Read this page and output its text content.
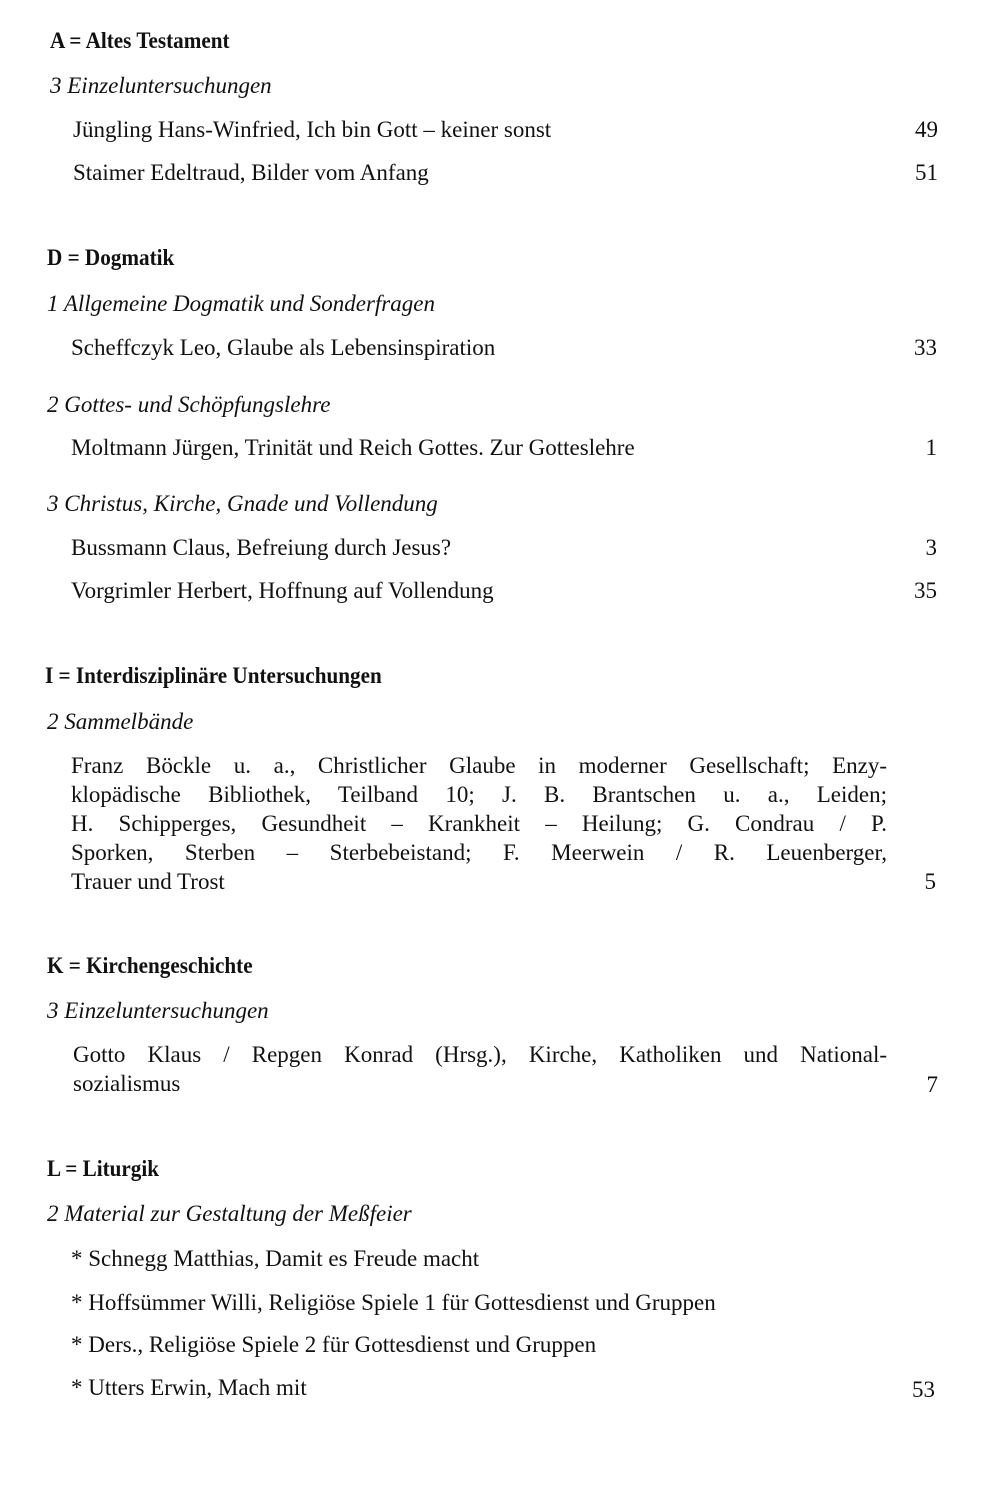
A = Altes Testament
3 Einzeluntersuchungen
Jüngling Hans-Winfried, Ich bin Gott – keiner sonst	49
Staimer Edeltraud, Bilder vom Anfang	51
D = Dogmatik
1 Allgemeine Dogmatik und Sonderfragen
Scheffczyk Leo, Glaube als Lebensinspiration	33
2 Gottes- und Schöpfungslehre
Moltmann Jürgen, Trinität und Reich Gottes. Zur Gotteslehre	1
3 Christus, Kirche, Gnade und Vollendung
Bussmann Claus, Befreiung durch Jesus?	3
Vorgrimler Herbert, Hoffnung auf Vollendung	35
I = Interdisziplinäre Untersuchungen
2 Sammelbände
Franz Böckle u. a., Christlicher Glaube in moderner Gesellschaft; Enzy-
klopädische Bibliothek, Teilband 10; J. B. Brantschen u. a., Leiden;
H. Schipperges, Gesundheit – Krankheit – Heilung; G. Condrau / P.
Sporken, Sterben – Sterbebeistand; F. Meerwein / R. Leuenberger,
Trauer und Trost	5
K = Kirchengeschichte
3 Einzeluntersuchungen
Gotto Klaus / Repgen Konrad (Hrsg.), Kirche, Katholiken und National-
sozialismus	7
L = Liturgik
2 Material zur Gestaltung der Meßfeier
* Schnegg Matthias, Damit es Freude macht
* Hoffsümmer Willi, Religiöse Spiele 1 für Gottesdienst und Gruppen
* Ders., Religiöse Spiele 2 für Gottesdienst und Gruppen
* Utters Erwin, Mach mit	53
